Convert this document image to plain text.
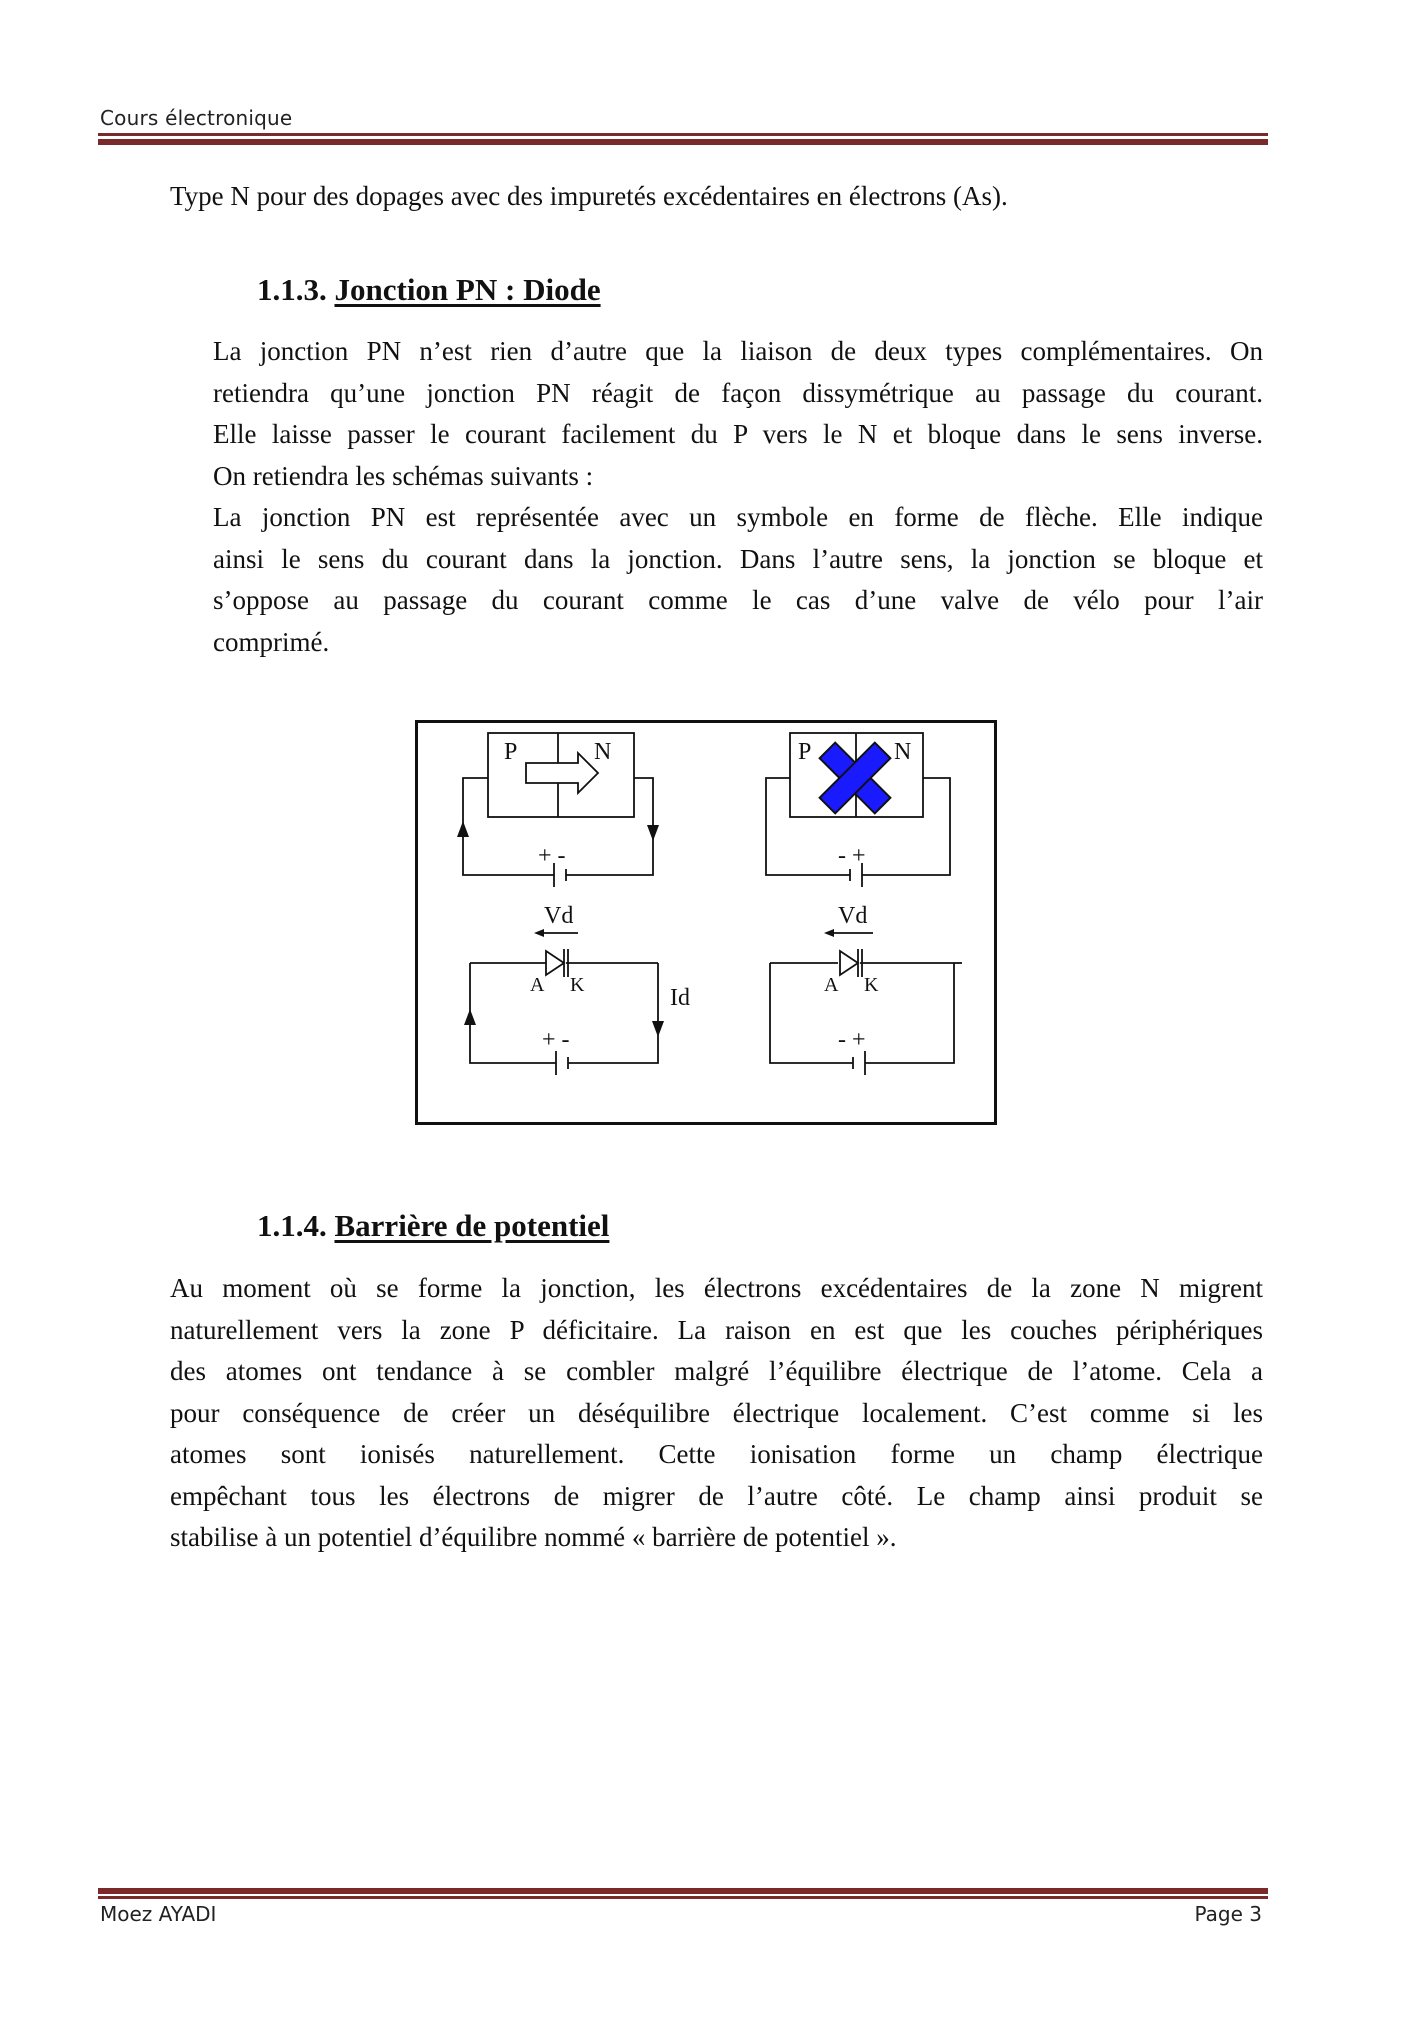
Cours électronique
Type N pour des dopages avec des impuretés excédentaires en électrons (As).
1.1.3. Jonction PN : Diode
La jonction PN n’est rien d’autre que la liaison de deux types complémentaires. On
retiendra qu’une jonction PN réagit de façon dissymétrique au passage du courant.
Elle laisse passer le courant facilement du P vers le N et bloque dans le sens inverse.
On retiendra les schémas suivants :
La jonction PN est représentée avec un symbole en forme de flèche. Elle indique
ainsi le sens du courant dans la jonction. Dans l’autre sens, la jonction se bloque et
s’oppose au passage du courant comme le cas d’une valve de vélo pour l’air
comprimé.
P	N	P	N
+ -	- +
Vd	Vd
A K	A K
Id
+ -	- +
1.1.4. Barrière de potentiel
Au moment où se forme la jonction, les électrons excédentaires de la zone N migrent
naturellement vers la zone P déficitaire. La raison en est que les couches périphériques
des atomes ont tendance à se combler malgré l’équilibre électrique de l’atome. Cela a
pour conséquence de créer un déséquilibre électrique localement. C’est comme si les
atomes sont ionisés naturellement. Cette ionisation forme un champ électrique
empêchant tous les électrons de migrer de l’autre côté. Le champ ainsi produit se
stabilise à un potentiel d’équilibre nommé « barrière de potentiel ».
Moez AYADI	Page 3
